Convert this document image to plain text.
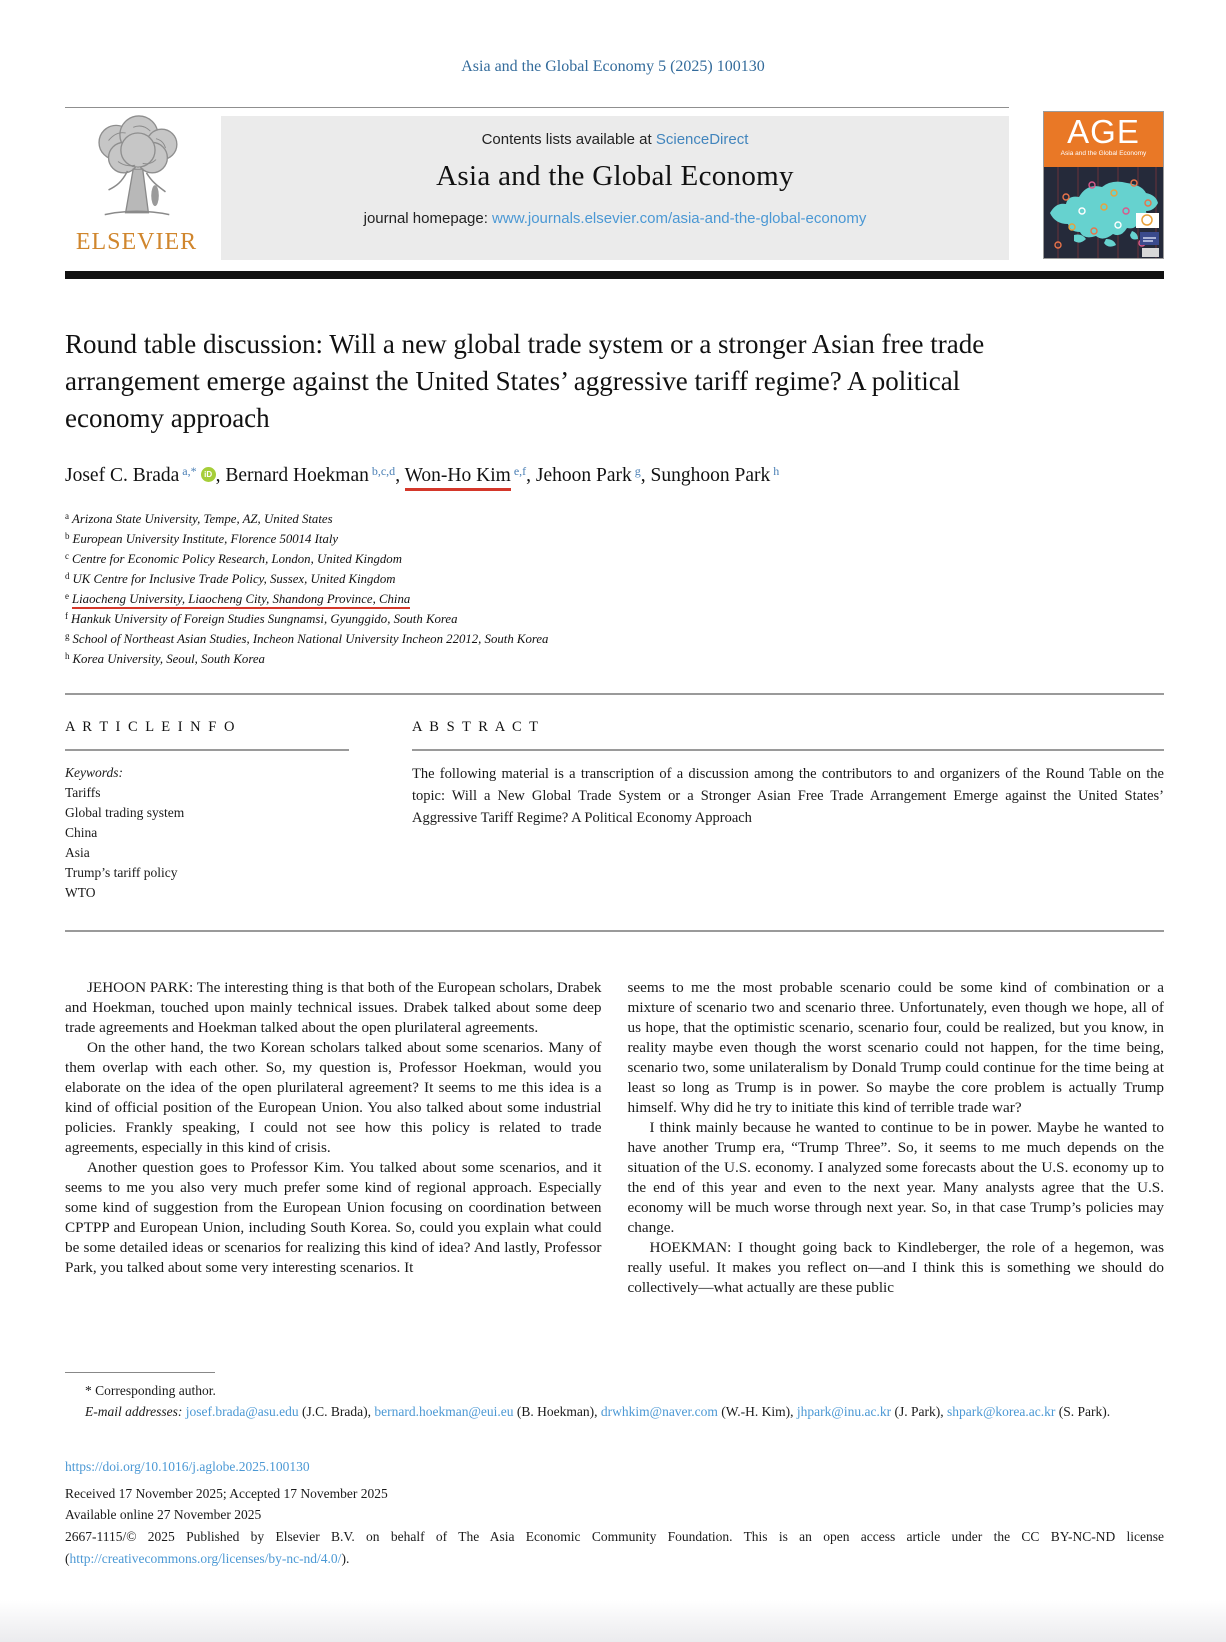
Asia and the Global Economy 5 (2025) 100130
ELSEVIER
Contents lists available at ScienceDirect
Asia and the Global Economy
journal homepage: www.journals.elsevier.com/asia-and-the-global-economy
AGE
Asia and the Global Economy
Round table discussion: Will a new global trade system or a stronger Asian free trade arrangement emerge against the United States’ aggressive tariff regime? A political economy approach
Josef C. Brada $^{a,*}$ iD , Bernard Hoekman $^{b,c,d}$, Won-Ho Kim $^{e,f}$, Jehoon Park $^g$, Sunghoon Park $^h$
$^a$ Arizona State University, Tempe, AZ, United States
$^b$ European University Institute, Florence 50014 Italy
$^c$ Centre for Economic Policy Research, London, United Kingdom
$^d$ UK Centre for Inclusive Trade Policy, Sussex, United Kingdom
$^e$ Liaocheng University, Liaocheng City, Shandong Province, China
$^f$ Hankuk University of Foreign Studies Sungnamsi, Gyunggido, South Korea
$^g$ School of Northeast Asian Studies, Incheon National University Incheon 22012, South Korea
$^h$ Korea University, Seoul, South Korea
A R T I C L E I N F O
Keywords:
Tariffs
Global trading system
China
Asia
Trump’s tariff policy
WTO
A B S T R A C T

The following material is a transcription of a discussion among the contributors to and organizers of the Round Table on the topic: Will a New Global Trade System or a Stronger Asian Free Trade Arrangement Emerge against the United States’ Aggressive Tariff Regime? A Political Economy Approach

JEHOON PARK: The interesting thing is that both of the European scholars, Drabek and Hoekman, touched upon mainly technical issues. Drabek talked about some deep trade agreements and Hoekman talked about the open plurilateral agreements.

On the other hand, the two Korean scholars talked about some scenarios. Many of them overlap with each other. So, my question is, Professor Hoekman, would you elaborate on the idea of the open plurilateral agreement? It seems to me this idea is a kind of official position of the European Union. You also talked about some industrial policies. Frankly speaking, I could not see how this policy is related to trade agreements, especially in this kind of crisis.

Another question goes to Professor Kim. You talked about some scenarios, and it seems to me you also very much prefer some kind of regional approach. Especially some kind of suggestion from the European Union focusing on coordination between CPTPP and European Union, including South Korea. So, could you explain what could be some detailed ideas or scenarios for realizing this kind of idea? And lastly, Professor Park, you talked about some very interesting scenarios. It

seems to me the most probable scenario could be some kind of combination or a mixture of scenario two and scenario three. Unfortunately, even though we hope, all of us hope, that the optimistic scenario, scenario four, could be realized, but you know, in reality maybe even though the worst scenario could not happen, for the time being, scenario two, some unilateralism by Donald Trump could continue for the time being at least so long as Trump is in power. So maybe the core problem is actually Trump himself. Why did he try to initiate this kind of terrible trade war?

I think mainly because he wanted to continue to be in power. Maybe he wanted to have another Trump era, “Trump Three”. So, it seems to me much depends on the situation of the U.S. economy. I analyzed some forecasts about the U.S. economy up to the end of this year and even to the next year. Many analysts agree that the U.S. economy will be much worse through next year. So, in that case Trump’s policies may change.

HOEKMAN: I thought going back to Kindleberger, the role of a hegemon, was really useful. It makes you reflect on—and I think this is something we should do collectively—what actually are these public

* Corresponding author.

E-mail addresses: josef.brada@asu.edu (J.C. Brada), bernard.hoekman@eui.eu (B. Hoekman), drwhkim@naver.com (W.-H. Kim), jhpark@inu.ac.kr (J. Park), shpark@korea.ac.kr (S. Park).

https://doi.org/10.1016/j.aglobe.2025.100130

Received 17 November 2025; Accepted 17 November 2025

Available online 27 November 2025

2667-1115/© 2025 Published by Elsevier B.V. on behalf of The Asia Economic Community Foundation. This is an open access article under the CC BY-NC-ND license (http://creativecommons.org/licenses/by-nc-nd/4.0/).
